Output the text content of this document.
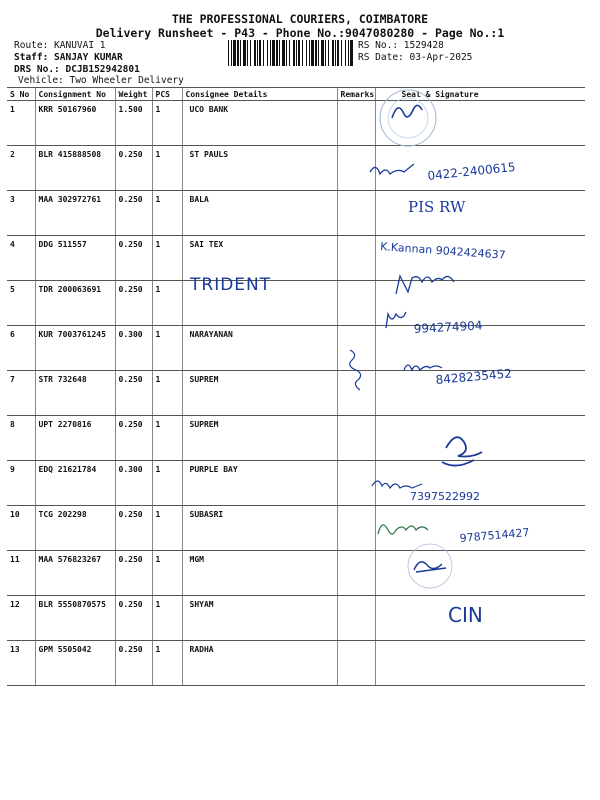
THE PROFESSIONAL COURIERS, COIMBATORE
Delivery Runsheet - P43 - Phone No.:9047080280 - Page No.:1
Route: KANUVAI 1
Staff: SANJAY KUMAR
DRS No.: DCJB152942801
Vehicle: Two Wheeler Delivery
RS No.: 1529428
RS Date: 03-Apr-2025
S No	Consignment No	Weight	PCS	Consignee Details	Remarks	Seal & Signature
1	KRR 50167960	1.500	1	UCO BANK		
2	BLR 415888508	0.250	1	ST PAULS		
3	MAA 302972761	0.250	1	BALA		
4	DDG 511557	0.250	1	SAI TEX		
5	TDR 200063691	0.250	1			
6	KUR 7003761245	0.300	1	NARAYANAN		
7	STR 732648	0.250	1	SUPREM		
8	UPT 2270816	0.250	1	SUPREM		
9	EDQ 21621784	0.300	1	PURPLE BAY		
10	TCG 202298	0.250	1	SUBASRI		
11	MAA 576823267	0.250	1	MGM		
12	BLR 5550870575	0.250	1	SHYAM		
13	GPM 5505042	0.250	1	RADHA		
0422-2400615
PIS RW
K.Kannan 9042424637
TRIDENT
994274904
8428235452
7397522992
9787514427
CIN
